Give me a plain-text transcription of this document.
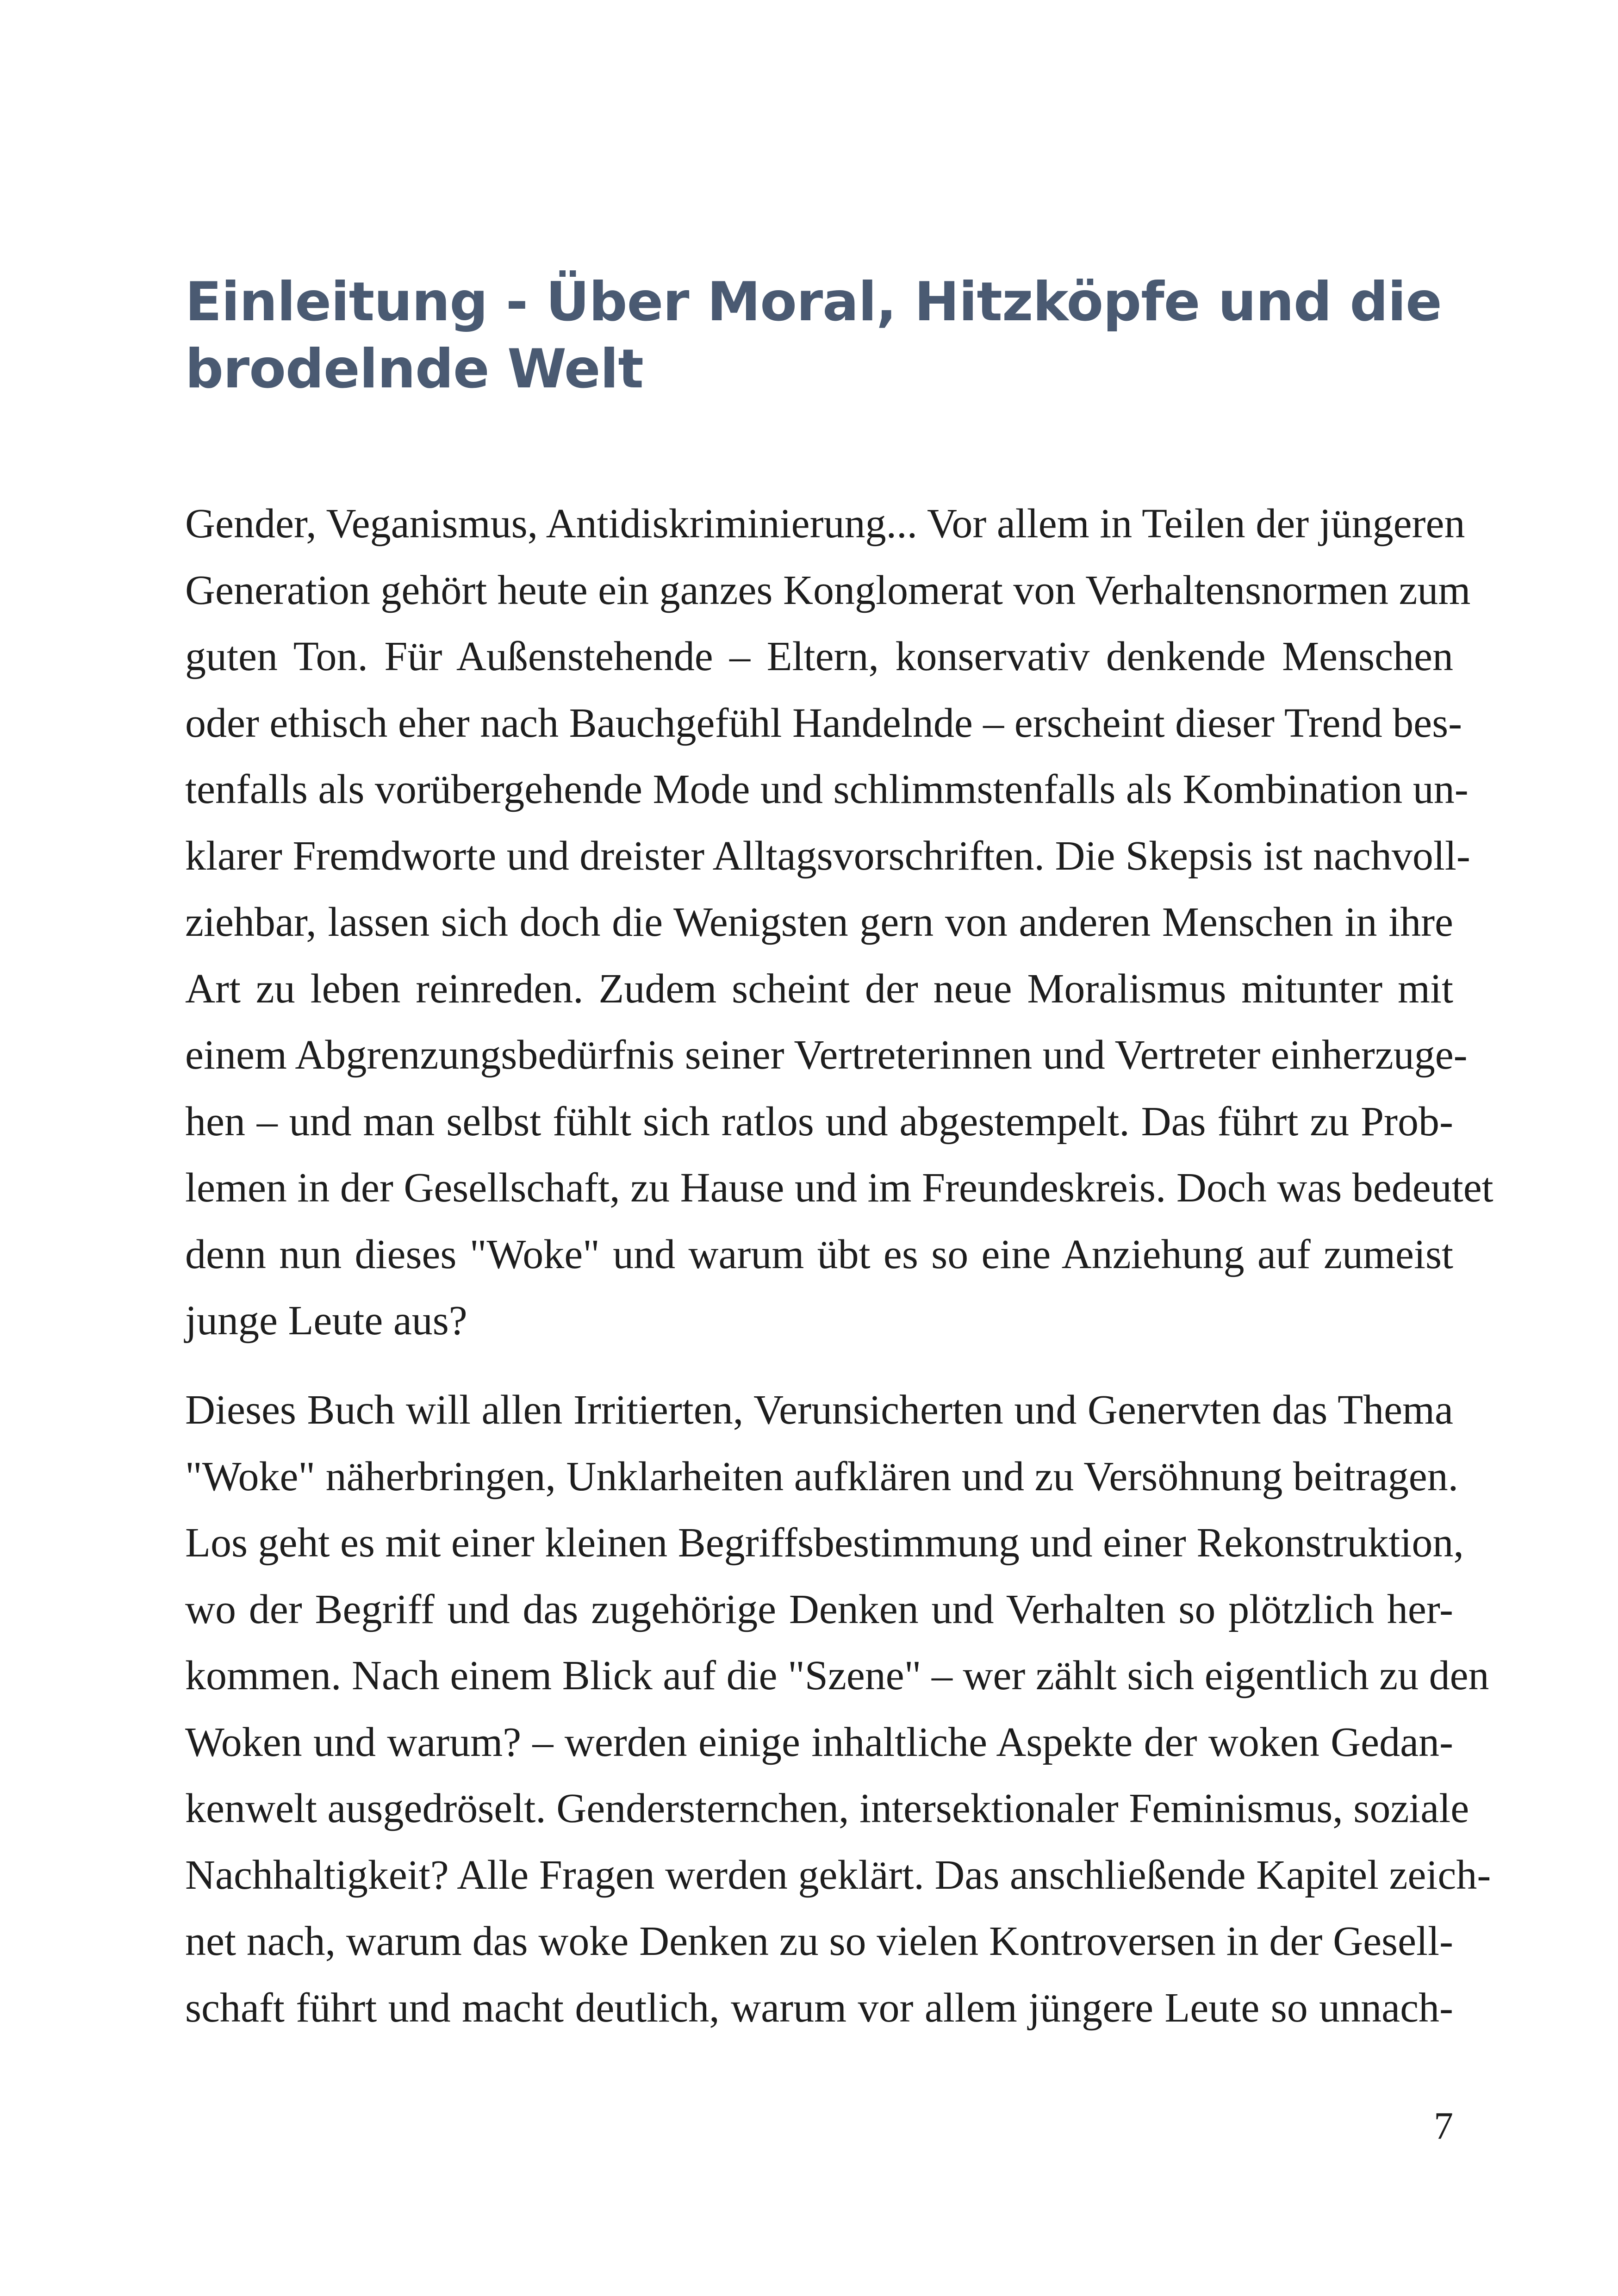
Einleitung - Über Moral, Hitzköpfe und die brodelnde Welt
Gender, Veganismus, Antidiskriminierung... Vor allem in Teilen der jüngeren
Generation gehört heute ein ganzes Konglomerat von Verhaltensnormen zum
guten Ton. Für Außenstehende – Eltern, konservativ denkende Menschen
oder ethisch eher nach Bauchgefühl Handelnde – erscheint dieser Trend bes-
tenfalls als vorübergehende Mode und schlimmstenfalls als Kombination un-
klarer Fremdworte und dreister Alltagsvorschriften. Die Skepsis ist nachvoll-
ziehbar, lassen sich doch die Wenigsten gern von anderen Menschen in ihre
Art zu leben reinreden. Zudem scheint der neue Moralismus mitunter mit
einem Abgrenzungsbedürfnis seiner Vertreterinnen und Vertreter einherzuge-
hen – und man selbst fühlt sich ratlos und abgestempelt. Das führt zu Prob-
lemen in der Gesellschaft, zu Hause und im Freundeskreis. Doch was bedeutet
denn nun dieses "Woke" und warum übt es so eine Anziehung auf zumeist
junge Leute aus?
Dieses Buch will allen Irritierten, Verunsicherten und Genervten das Thema
"Woke" näherbringen, Unklarheiten aufklären und zu Versöhnung beitragen.
Los geht es mit einer kleinen Begriffsbestimmung und einer Rekonstruktion,
wo der Begriff und das zugehörige Denken und Verhalten so plötzlich her-
kommen. Nach einem Blick auf die "Szene" – wer zählt sich eigentlich zu den
Woken und warum? – werden einige inhaltliche Aspekte der woken Gedan-
kenwelt ausgedröselt. Gendersternchen, intersektionaler Feminismus, soziale
Nachhaltigkeit? Alle Fragen werden geklärt. Das anschließende Kapitel zeich-
net nach, warum das woke Denken zu so vielen Kontroversen in der Gesell-
schaft führt und macht deutlich, warum vor allem jüngere Leute so unnach-
7
